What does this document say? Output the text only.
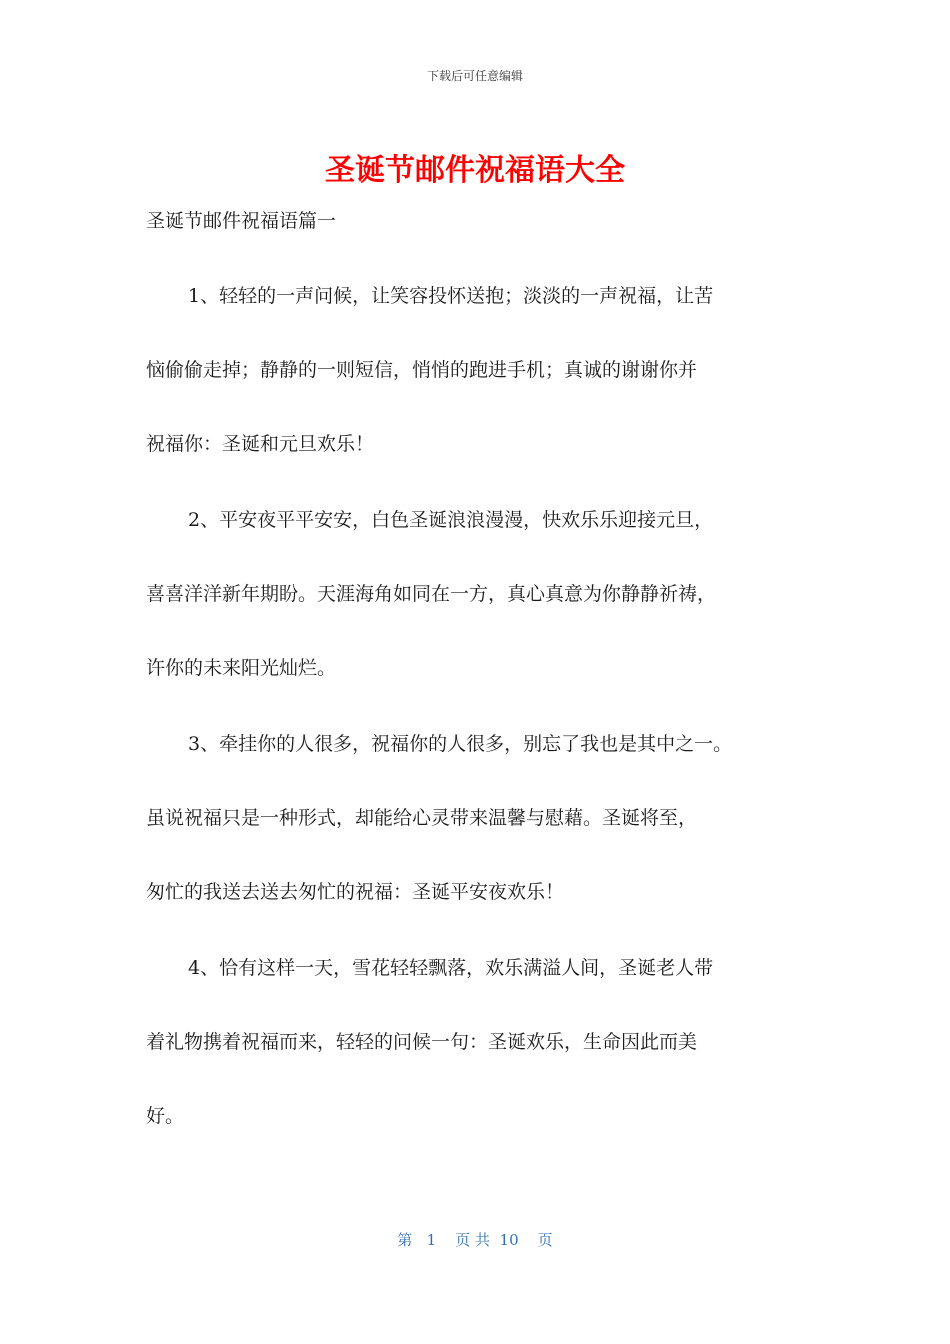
下载后可任意编辑
圣诞节邮件祝福语大全
圣诞节邮件祝福语篇一
1、轻轻的一声问候，让笑容投怀送抱；淡淡的一声祝福，让苦
恼偷偷走掉；静静的一则短信，悄悄的跑进手机；真诚的谢谢你并
祝福你：圣诞和元旦欢乐！
2、平安夜平平安安，白色圣诞浪浪漫漫，快欢乐乐迎接元旦，
喜喜洋洋新年期盼。天涯海角如同在一方，真心真意为你静静祈祷，
许你的未来阳光灿烂。
3、牵挂你的人很多，祝福你的人很多，别忘了我也是其中之一。
虽说祝福只是一种形式，却能给心灵带来温馨与慰藉。圣诞将至，
匆忙的我送去送去匆忙的祝福：圣诞平安夜欢乐！
4、恰有这样一天，雪花轻轻飘落，欢乐满溢人间，圣诞老人带
着礼物携着祝福而来，轻轻的问候一句：圣诞欢乐，生命因此而美
好。
第   1    页 共  10    页
